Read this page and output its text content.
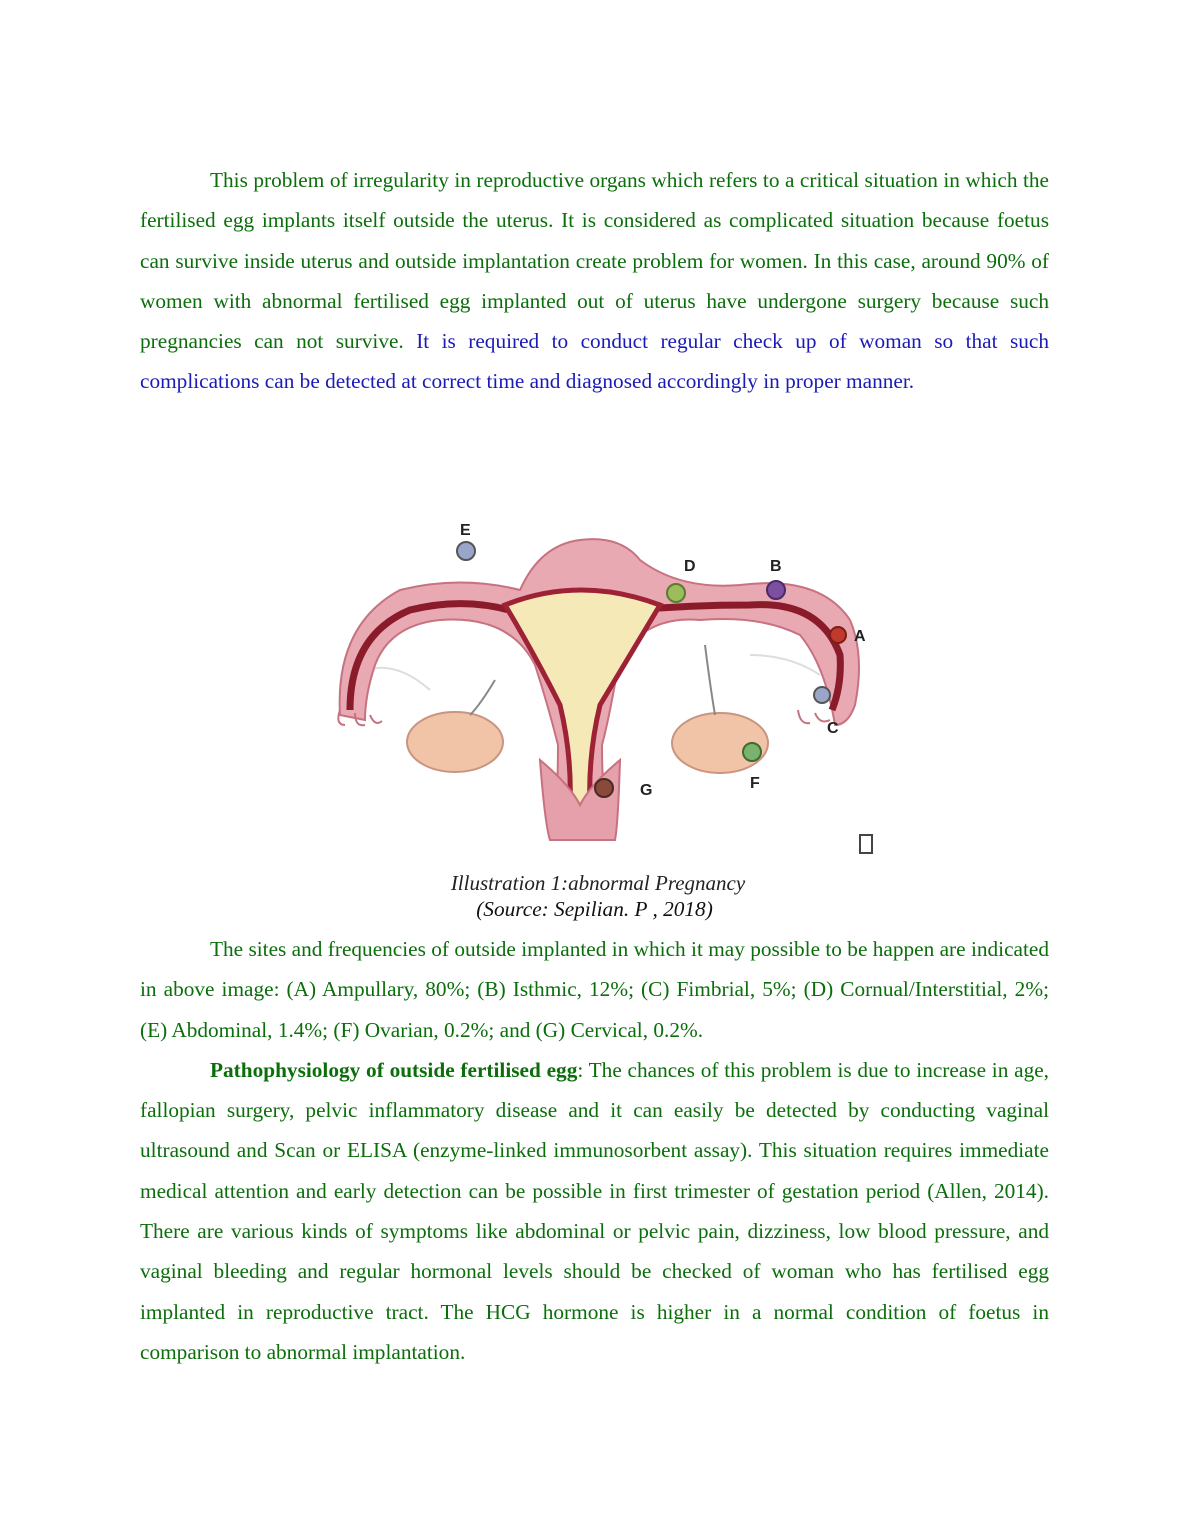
This problem of irregularity in reproductive organs which refers to a critical situation in which the fertilised egg implants itself outside the uterus. It is considered as complicated situation because foetus can survive inside uterus and outside implantation create problem for women. In this case, around 90% of women with abnormal fertilised egg implanted out of uterus have undergone surgery because such pregnancies can not survive. It is required to conduct regular check up of woman so that such complications can be detected at correct time and diagnosed accordingly in proper manner.

E
D	B
A
C
F
G
Illustration 1:abnormal Pregnancy
(Source: Sepilian. P , 2018)

The sites and frequencies of outside implanted in which it may possible to be happen are indicated in above image: (A) Ampullary, 80%; (B) Isthmic, 12%; (C) Fimbrial, 5%; (D) Cornual/Interstitial, 2%; (E) Abdominal, 1.4%; (F) Ovarian, 0.2%; and (G) Cervical, 0.2%.

Pathophysiology of outside fertilised egg: The chances of this problem is due to increase in age, fallopian surgery, pelvic inflammatory disease and it can easily be detected by conducting vaginal ultrasound and Scan or ELISA (enzyme-linked immunosorbent assay). This situation requires immediate medical attention and early detection can be possible in first trimester of gestation period (Allen, 2014). There are various kinds of symptoms like abdominal or pelvic pain, dizziness, low blood pressure, and vaginal bleeding and regular hormonal levels should be checked of woman who has fertilised egg implanted in reproductive tract. The HCG hormone is higher in a normal condition of foetus in comparison to abnormal implantation.
